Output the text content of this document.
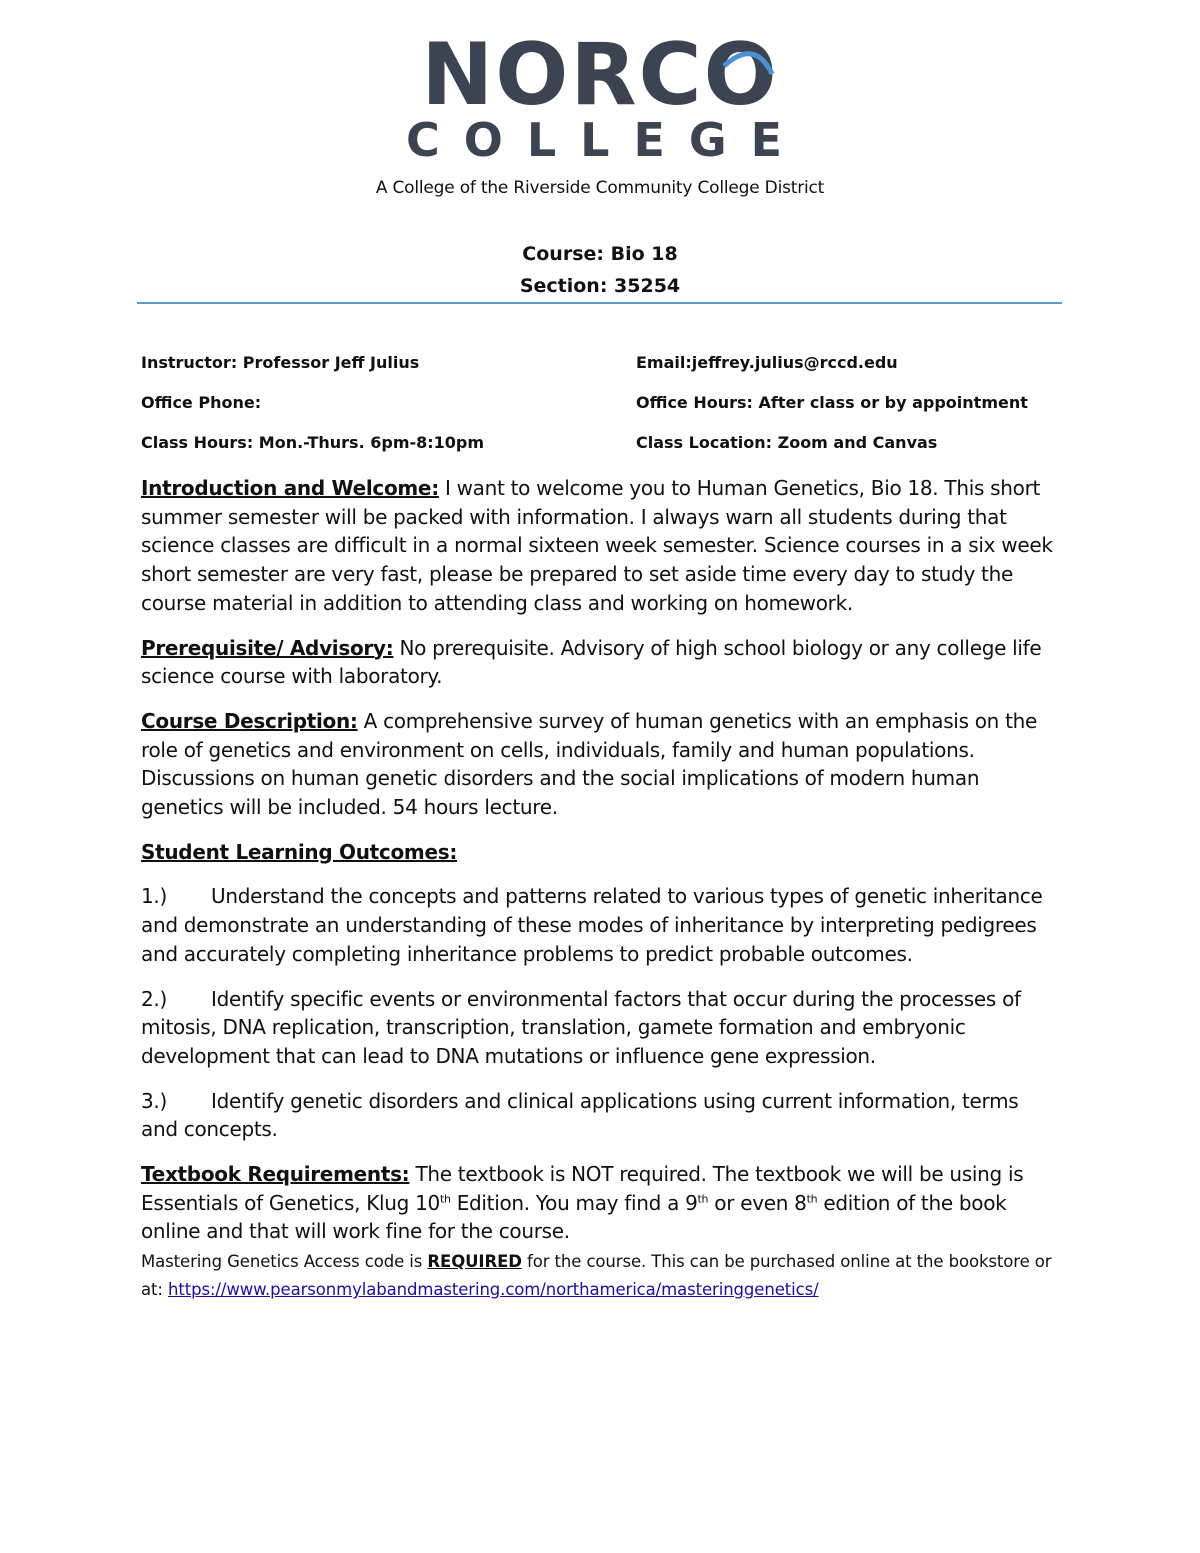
NORCO
COLLEGE
A College of the Riverside Community College District
Course: Bio 18
Section: 35254
Instructor: Professor Jeff Julius	Email:jeffrey.julius@rccd.edu
Office Phone:	Office Hours: After class or by appointment
Class Hours: Mon.-Thurs. 6pm-8:10pm	Class Location: Zoom and Canvas

Introduction and Welcome: I want to welcome you to Human Genetics, Bio 18. This short summer semester will be packed with information. I always warn all students during that science classes are difficult in a normal sixteen week semester. Science courses in a six week short semester are very fast, please be prepared to set aside time every day to study the course material in addition to attending class and working on homework.

Prerequisite/ Advisory: No prerequisite. Advisory of high school biology or any college life science course with laboratory.

Course Description: A comprehensive survey of human genetics with an emphasis on the role of genetics and environment on cells, individuals, family and human populations. Discussions on human genetic disorders and the social implications of modern human genetics will be included. 54 hours lecture.

Student Learning Outcomes:

1.) Understand the concepts and patterns related to various types of genetic inheritance and demonstrate an understanding of these modes of inheritance by interpreting pedigrees and accurately completing inheritance problems to predict probable outcomes.

2.) Identify specific events or environmental factors that occur during the processes of mitosis, DNA replication, transcription, translation, gamete formation and embryonic development that can lead to DNA mutations or influence gene expression.

3.) Identify genetic disorders and clinical applications using current information, terms and concepts.

Textbook Requirements: The textbook is NOT required. The textbook we will be using is Essentials of Genetics, Klug 10th Edition. You may find a 9th or even 8th edition of the book online and that will work fine for the course.

Mastering Genetics Access code is REQUIRED for the course. This can be purchased online at the bookstore or at: https://www.pearsonmylabandmastering.com/northamerica/masteringgenetics/
